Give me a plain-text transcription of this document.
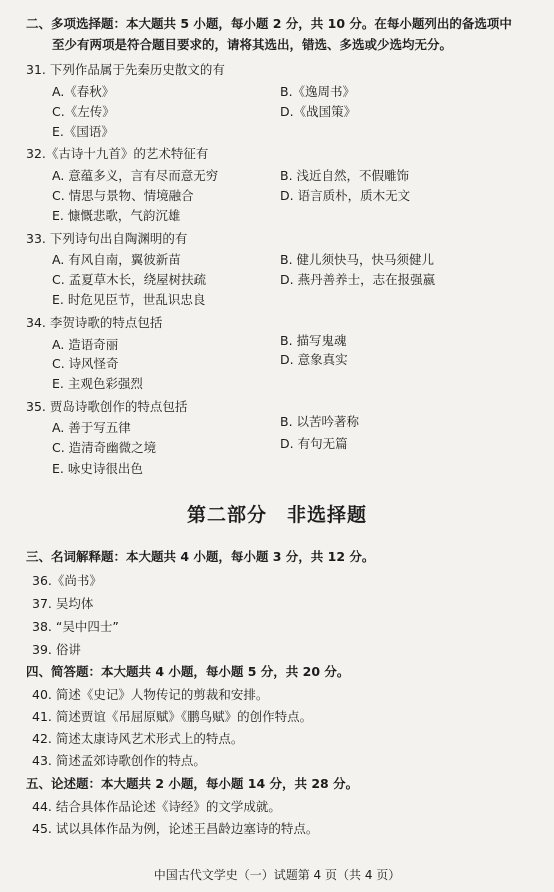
二、多项选择题：本大题共 5 小题，每小题 2 分，共 10 分。在每小题列出的备选项中
至少有两项是符合题目要求的，请将其选出，错选、多选或少选均无分。
31. 下列作品属于先秦历史散文的有
A.《春秋》	B.《逸周书》
C.《左传》	D.《战国策》
E.《国语》
32.《古诗十九首》的艺术特征有
A. 意蕴多义，言有尽而意无穷	B. 浅近自然，不假雕饰
C. 情思与景物、情境融合	D. 语言质朴，质木无文
E. 慷慨悲歌，气韵沉雄
33. 下列诗句出自陶渊明的有
A. 有风自南，翼彼新苗	B. 健儿须快马，快马须健儿
C. 孟夏草木长，绕屋树扶疏	D. 燕丹善养士，志在报强嬴
E. 时危见臣节，世乱识忠良
34. 李贺诗歌的特点包括
A. 造语奇丽	B. 描写鬼魂
C. 诗风怪奇	D. 意象真实
E. 主观色彩强烈
35. 贾岛诗歌创作的特点包括
A. 善于写五律	B. 以苦吟著称
C. 造清奇幽微之境	D. 有句无篇
E. 咏史诗很出色
第二部分　非选择题
三、名词解释题：本大题共 4 小题，每小题 3 分，共 12 分。
36.《尚书》
37. 吴均体
38. “吴中四士”
39. 俗讲
四、简答题：本大题共 4 小题，每小题 5 分，共 20 分。
40. 简述《史记》人物传记的剪裁和安排。
41. 简述贾谊《吊屈原赋》《鹏鸟赋》的创作特点。
42. 简述太康诗风艺术形式上的特点。
43. 简述孟郊诗歌创作的特点。
五、论述题：本大题共 2 小题，每小题 14 分，共 28 分。
44. 结合具体作品论述《诗经》的文学成就。
45. 试以具体作品为例，论述王昌龄边塞诗的特点。
中国古代文学史（一）试题第 4 页（共 4 页）
